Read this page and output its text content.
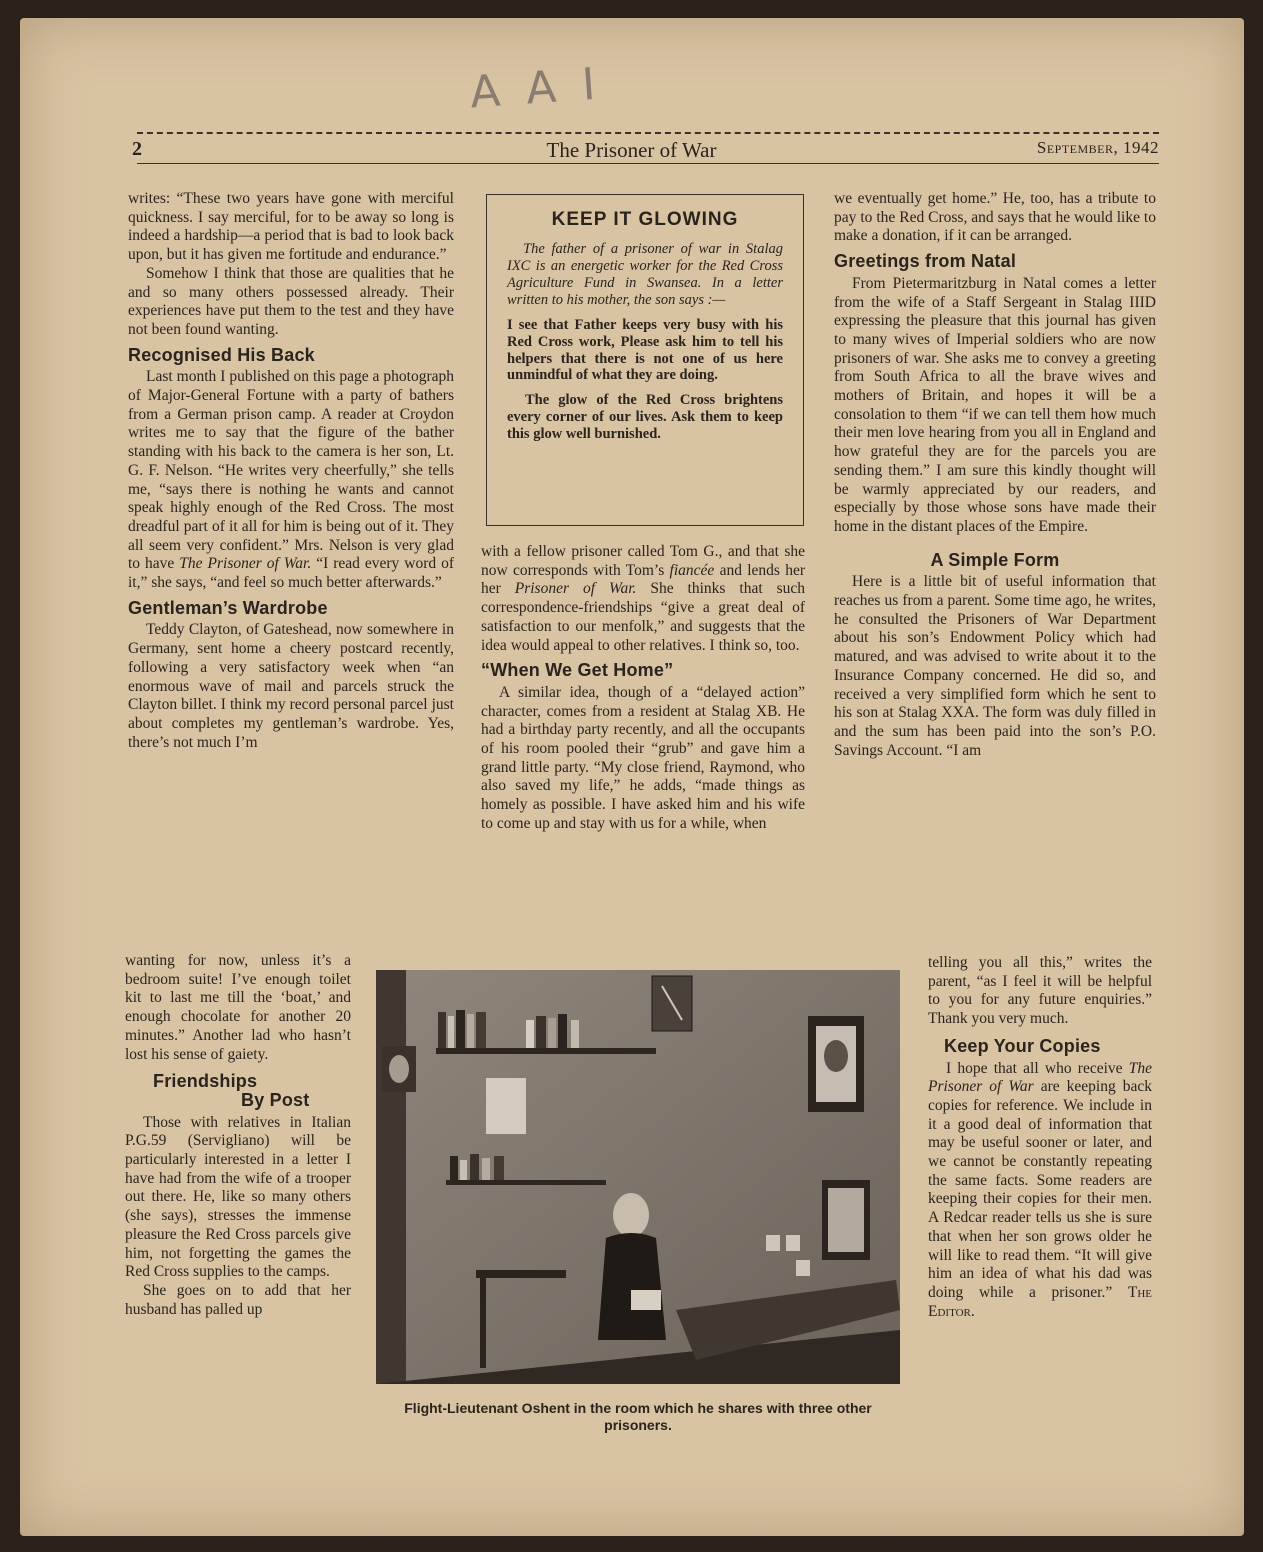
A A I
2	The Prisoner of War	September, 1942

writes: “These two years have gone with merciful quickness. I say merciful, for to be away so long is indeed a hardship—a period that is bad to look back upon, but it has given me fortitude and endurance.”

Somehow I think that those are qualities that he and so many others possessed already. Their experiences have put them to the test and they have not been found wanting.

Recognised His Back

Last month I published on this page a photograph of Major-General Fortune with a party of bathers from a German prison camp. A reader at Croydon writes me to say that the figure of the bather standing with his back to the camera is her son, Lt. G. F. Nelson. “He writes very cheerfully,” she tells me, “says there is nothing he wants and cannot speak highly enough of the Red Cross. The most dreadful part of it all for him is being out of it. They all seem very confident.” Mrs. Nelson is very glad to have The Prisoner of War. “I read every word of it,” she says, “and feel so much better afterwards.”

Gentleman’s Wardrobe

Teddy Clayton, of Gateshead, now somewhere in Germany, sent home a cheery postcard recently, following a very satisfactory week when “an enormous wave of mail and parcels struck the Clayton billet. I think my record personal parcel just about completes my gentleman’s wardrobe. Yes, there’s not much I’m

wanting for now, unless it’s a bedroom suite! I’ve enough toilet kit to last me till the ‘boat,’ and enough chocolate for another 20 minutes.” Another lad who hasn’t lost his sense of gaiety.

Friendships
By Post

Those with relatives in Italian P.G.59 (Servigliano) will be particularly interested in a letter I have had from the wife of a trooper out there. He, like so many others (she says), stresses the immense pleasure the Red Cross parcels give him, not forgetting the games the Red Cross supplies to the camps.

She goes on to add that her husband has palled up

KEEP IT GLOWING
The father of a prisoner of war in Stalag IXC is an energetic worker for the Red Cross Agriculture Fund in Swansea. In a letter written to his mother, the son says :—
I see that Father keeps very busy with his Red Cross work, Please ask him to tell his helpers that there is not one of us here unmindful of what they are doing.
The glow of the Red Cross brightens every corner of our lives. Ask them to keep this glow well burnished.

with a fellow prisoner called Tom G., and that she now corresponds with Tom’s fiancée and lends her her Prisoner of War. She thinks that such correspondence-friendships “give a great deal of satisfaction to our menfolk,” and suggests that the idea would appeal to other relatives. I think so, too.

“When We Get Home”

A similar idea, though of a “delayed action” character, comes from a resident at Stalag XB. He had a birthday party recently, and all the occupants of his room pooled their “grub” and gave him a grand little party. “My close friend, Raymond, who also saved my life,” he adds, “made things as homely as possible. I have asked him and his wife to come up and stay with us for a while, when

we eventually get home.” He, too, has a tribute to pay to the Red Cross, and says that he would like to make a donation, if it can be arranged.

Greetings from Natal

From Pietermaritzburg in Natal comes a letter from the wife of a Staff Sergeant in Stalag IIID expressing the pleasure that this journal has given to many wives of Imperial soldiers who are now prisoners of war. She asks me to convey a greeting from South Africa to all the brave wives and mothers of Britain, and hopes it will be a consolation to them “if we can tell them how much their men love hearing from you all in England and how grateful they are for the parcels you are sending them.” I am sure this kindly thought will be warmly appreciated by our readers, and especially by those whose sons have made their home in the distant places of the Empire.

A Simple Form

Here is a little bit of useful information that reaches us from a parent. Some time ago, he writes, he consulted the Prisoners of War Department about his son’s Endowment Policy which had matured, and was advised to write about it to the Insurance Company concerned. He did so, and received a very simplified form which he sent to his son at Stalag XXA. The form was duly filled in and the sum has been paid into the son’s P.O. Savings Account. “I am

telling you all this,” writes the parent, “as I feel it will be helpful to you for any future enquiries.” Thank you very much.

Keep Your Copies

I hope that all who receive The Prisoner of War are keeping back copies for reference. We include in it a good deal of information that may be useful sooner or later, and we cannot be constantly repeating the same facts. Some readers are keeping their copies for their men. A Redcar reader tells us she is sure that when her son grows older he will like to read them. “It will give him an idea of what his dad was doing while a prisoner.” The Editor.

Flight-Lieutenant Oshent in the room which he shares with three other prisoners.
